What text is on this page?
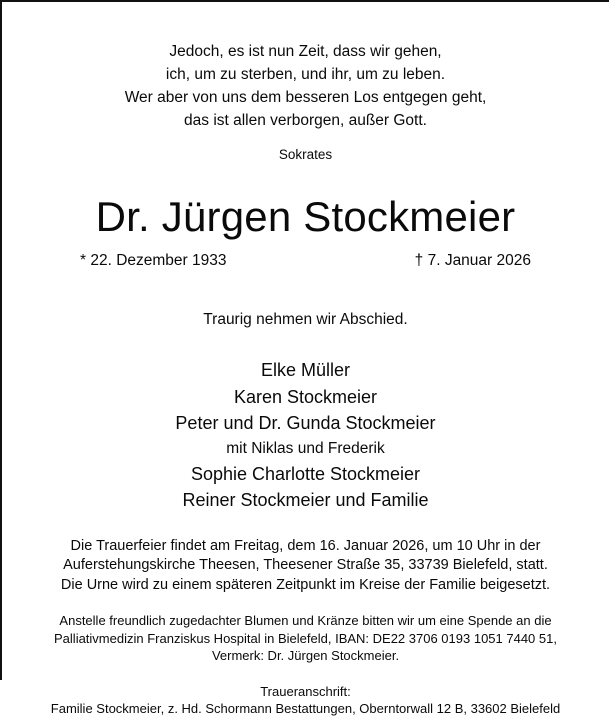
Jedoch, es ist nun Zeit, dass wir gehen,
ich, um zu sterben, und ihr, um zu leben.
Wer aber von uns dem besseren Los entgegen geht,
das ist allen verborgen, außer Gott.
Sokrates
Dr. Jürgen Stockmeier
* 22. Dezember 1933	† 7. Januar 2026
Traurig nehmen wir Abschied.
Elke Müller
Karen Stockmeier
Peter und Dr. Gunda Stockmeier
mit Niklas und Frederik
Sophie Charlotte Stockmeier
Reiner Stockmeier und Familie
Die Trauerfeier findet am Freitag, dem 16. Januar 2026, um 10 Uhr in der
Auferstehungskirche Theesen, Theesener Straße 35, 33739 Bielefeld, statt.
Die Urne wird zu einem späteren Zeitpunkt im Kreise der Familie beigesetzt.
Anstelle freundlich zugedachter Blumen und Kränze bitten wir um eine Spende an die
Palliativmedizin Franziskus Hospital in Bielefeld, IBAN: DE22 3706 0193 1051 7440 51,
Vermerk: Dr. Jürgen Stockmeier.
Traueranschrift:
Familie Stockmeier, z. Hd. Schormann Bestattungen, Oberntorwall 12 B, 33602 Bielefeld
